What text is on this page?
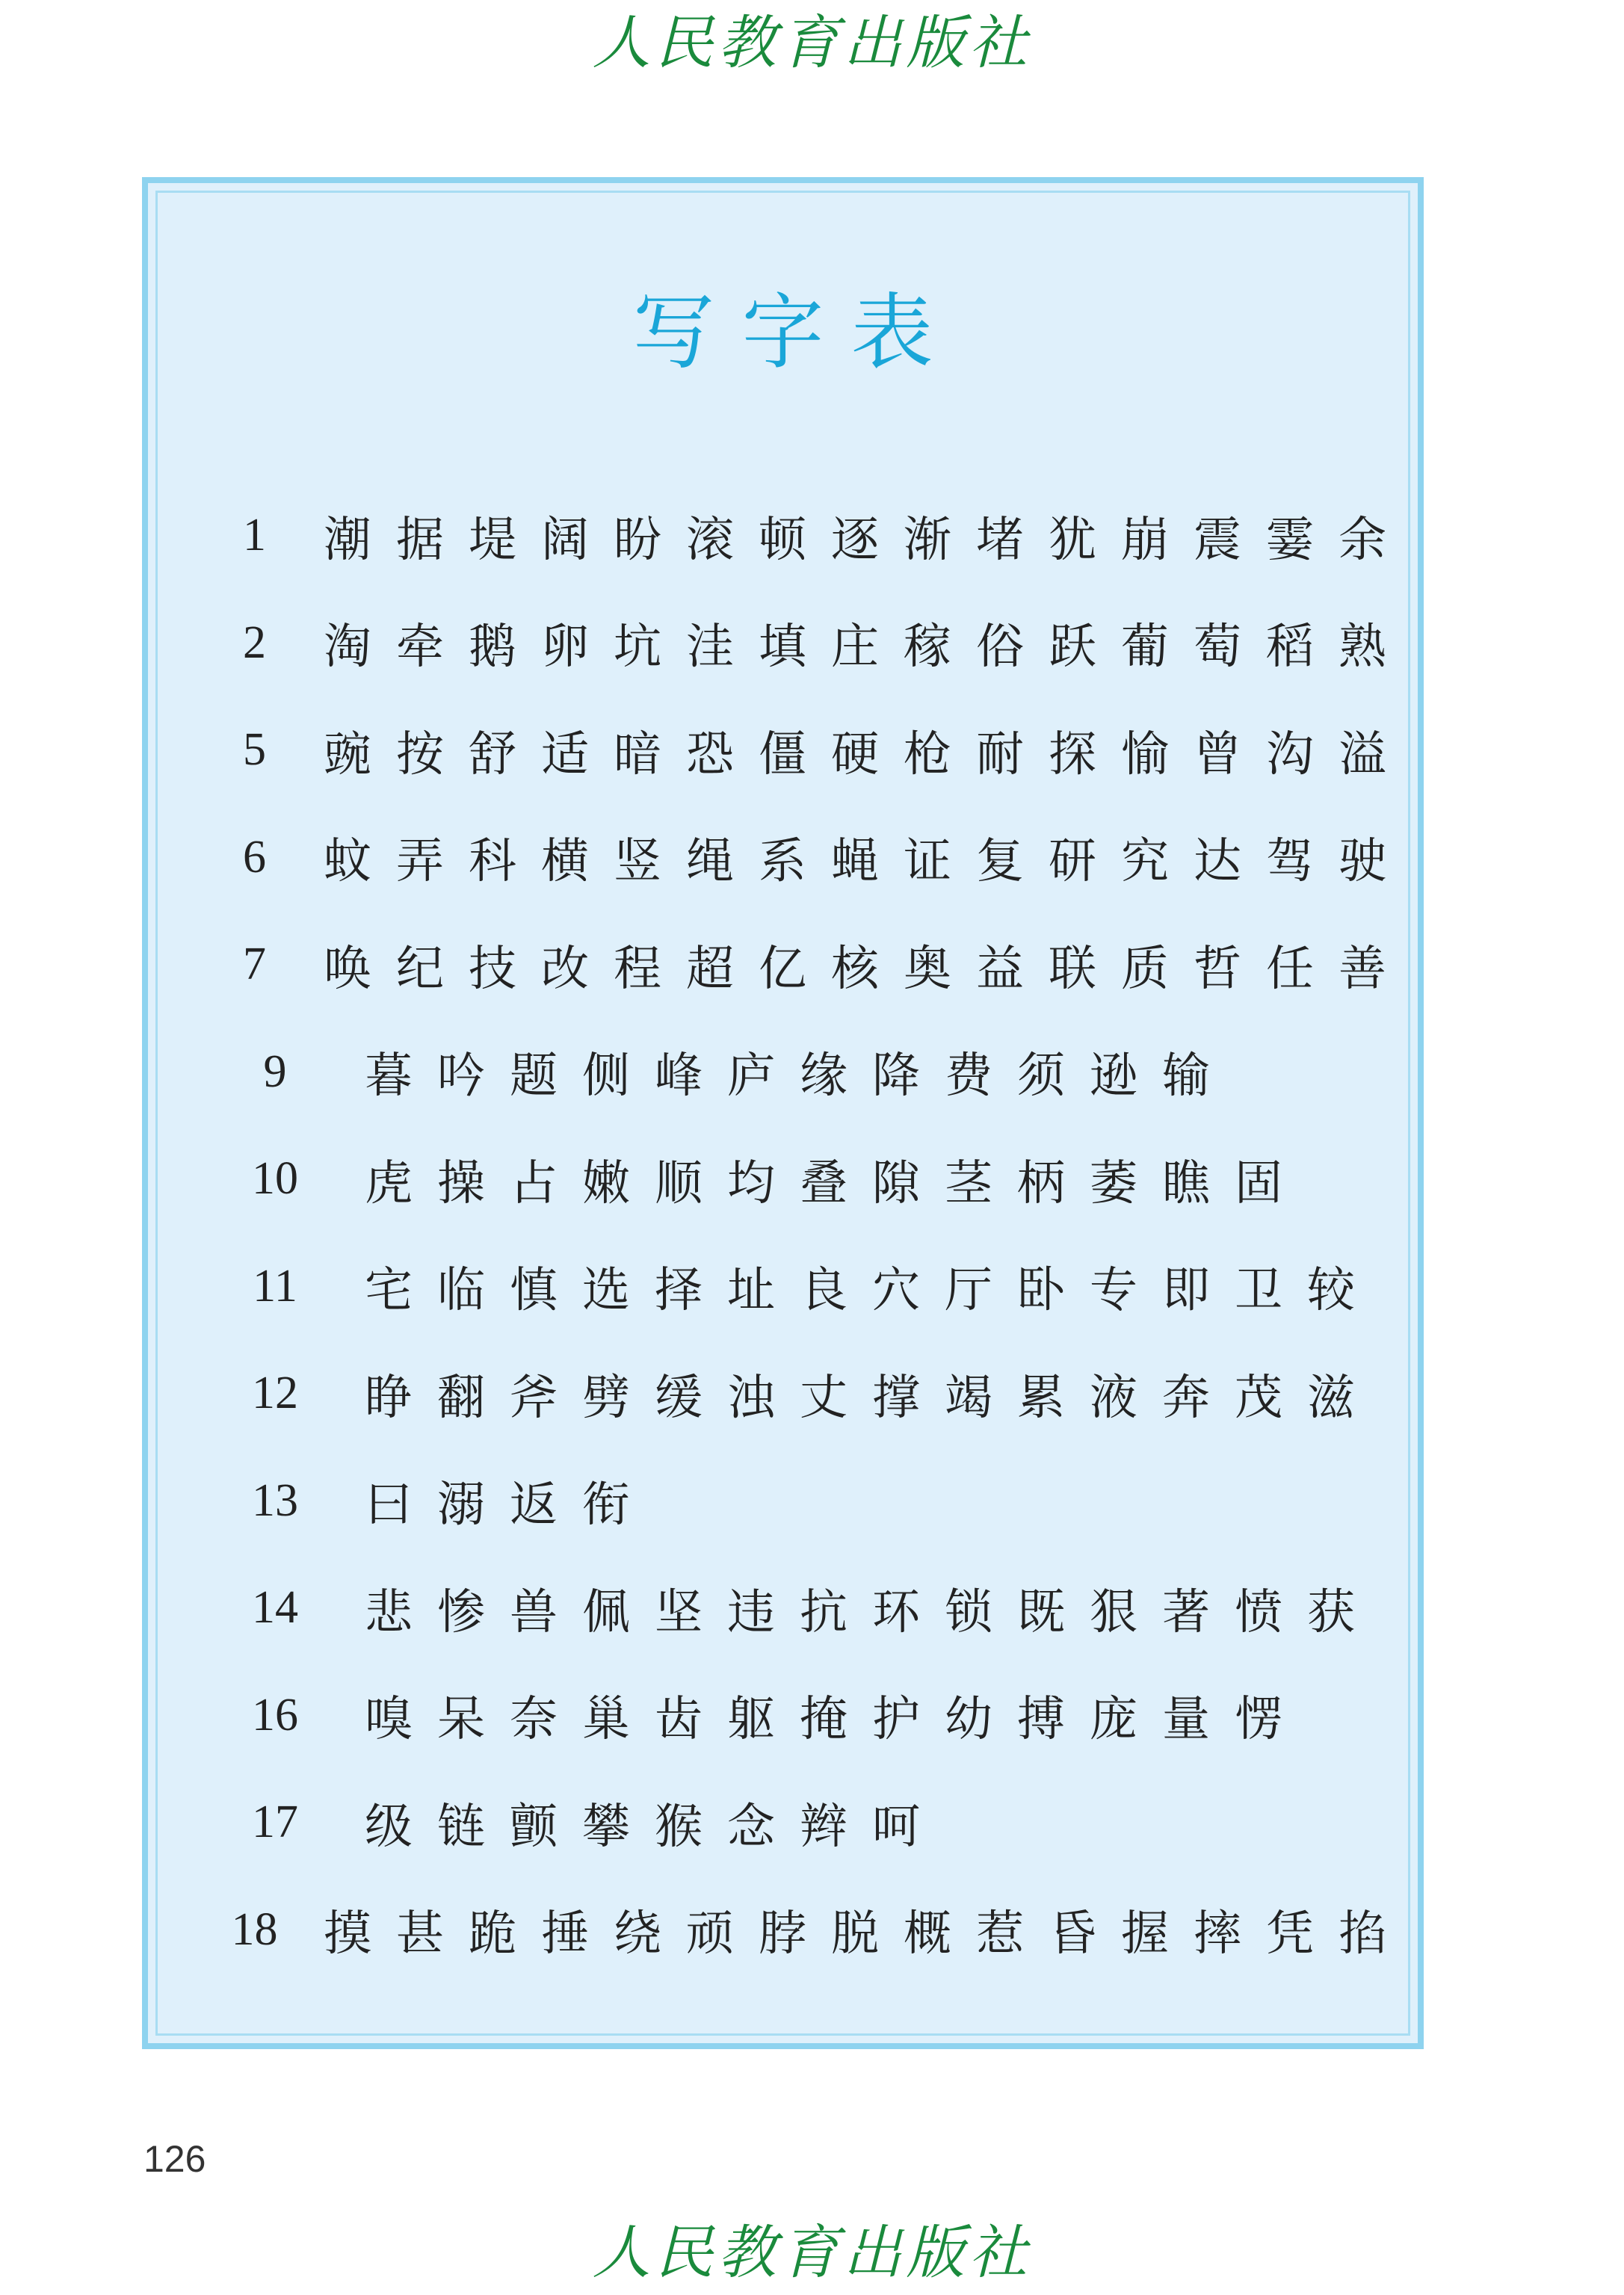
人民教育出版社
写字表
1	潮据堤阔盼滚顿逐渐堵犹崩震霎余
2	淘牵鹅卵坑洼填庄稼俗跃葡萄稻熟
5	豌按舒适暗恐僵硬枪耐探愉曾沟溢
6	蚊弄科横竖绳系蝇证复研究达驾驶
7	唤纪技改程超亿核奥益联质哲任善
9	暮吟题侧峰庐缘降费须逊输
10	虎操占嫩顺均叠隙茎柄萎瞧固
11	宅临慎选择址良穴厅卧专即卫较
12	睁翻斧劈缓浊丈撑竭累液奔茂滋
13	曰溺返衔
14	悲惨兽佩坚违抗环锁既狠著愤获
16	嗅呆奈巢齿躯掩护幼搏庞量愣
17	级链颤攀猴念辫呵
18 摸甚跪捶绕顽脖脱概惹昏握摔凭掐
126
人民教育出版社
